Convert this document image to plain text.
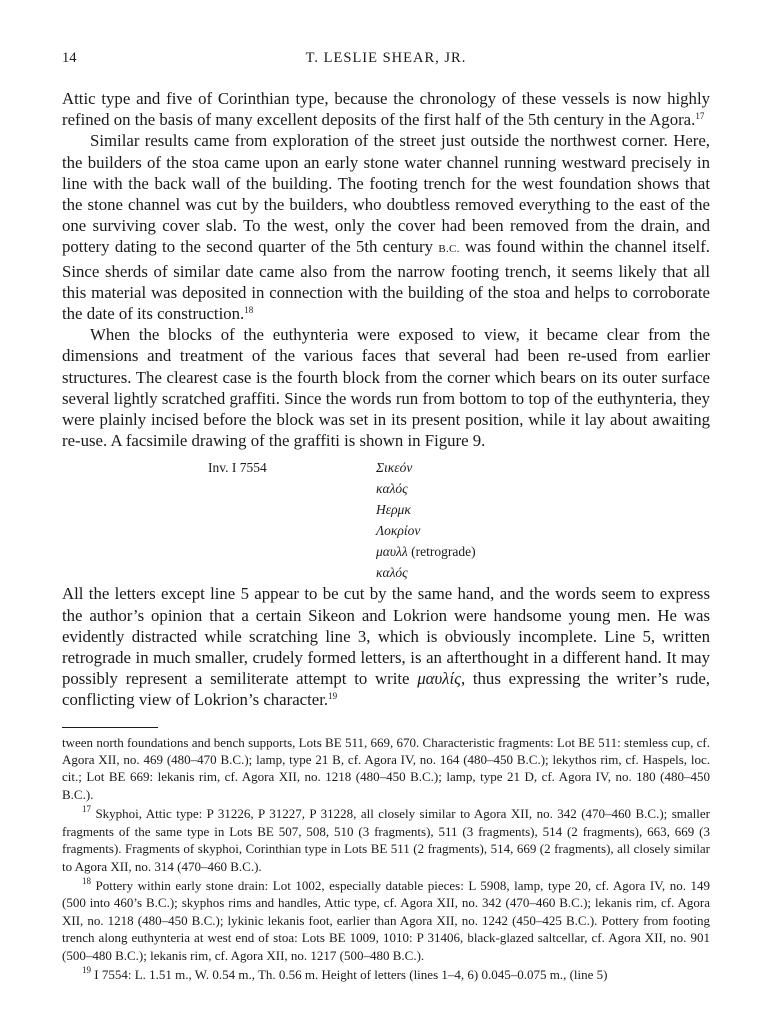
14	T. LESLIE SHEAR, JR.

Attic type and five of Corinthian type, because the chronology of these vessels is now highly refined on the basis of many excellent deposits of the first half of the 5th century in the Agora.$^{17}$

Similar results came from exploration of the street just outside the northwest corner. Here, the builders of the stoa came upon an early stone water channel running westward precisely in line with the back wall of the building. The footing trench for the west foundation shows that the stone channel was cut by the builders, who doubtless removed everything to the east of the one surviving cover slab. To the west, only the cover had been removed from the drain, and pottery dating to the second quarter of the 5th century B.C. was found within the channel itself. Since sherds of similar date came also from the narrow footing trench, it seems likely that all this material was deposited in connection with the building of the stoa and helps to corroborate the date of its construction.$^{18}$

When the blocks of the euthynteria were exposed to view, it became clear from the dimensions and treatment of the various faces that several had been re-used from earlier structures. The clearest case is the fourth block from the corner which bears on its outer surface several lightly scratched graffiti. Since the words run from bottom to top of the euthynteria, they were plainly incised before the block was set in its present position, while it lay about awaiting re-use. A facsimile drawing of the graffiti is shown in Figure 9.

Inv. I 7554	Σικεόν
καλός
Ηερμκ
Λοκρίον
μαυλλ (retrograde)
καλός

All the letters except line 5 appear to be cut by the same hand, and the words seem to express the author’s opinion that a certain Sikeon and Lokrion were handsome young men. He was evidently distracted while scratching line 3, which is obviously incomplete. Line 5, written retrograde in much smaller, crudely formed letters, is an afterthought in a different hand. It may possibly represent a semiliterate attempt to write μαυλίς, thus expressing the writer’s rude, conflicting view of Lokrion’s character.$^{19}$

tween north foundations and bench supports, Lots BE 511, 669, 670. Characteristic fragments: Lot BE 511: stemless cup, cf. Agora XII, no. 469 (480–470 B.C.); lamp, type 21 B, cf. Agora IV, no. 164 (480–450 B.C.); lekythos rim, cf. Haspels, loc. cit.; Lot BE 669: lekanis rim, cf. Agora XII, no. 1218 (480–450 B.C.); lamp, type 21 D, cf. Agora IV, no. 180 (480–450 B.C.).

$^{17}$ Skyphoi, Attic type: P 31226, P 31227, P 31228, all closely similar to Agora XII, no. 342 (470–460 B.C.); smaller fragments of the same type in Lots BE 507, 508, 510 (3 fragments), 511 (3 fragments), 514 (2 fragments), 663, 669 (3 fragments). Fragments of skyphoi, Corinthian type in Lots BE 511 (2 fragments), 514, 669 (2 fragments), all closely similar to Agora XII, no. 314 (470–460 B.C.).

$^{18}$ Pottery within early stone drain: Lot 1002, especially datable pieces: L 5908, lamp, type 20, cf. Agora IV, no. 149 (500 into 460’s B.C.); skyphos rims and handles, Attic type, cf. Agora XII, no. 342 (470–460 B.C.); lekanis rim, cf. Agora XII, no. 1218 (480–450 B.C.); lykinic lekanis foot, earlier than Agora XII, no. 1242 (450–425 B.C.). Pottery from footing trench along euthynteria at west end of stoa: Lots BE 1009, 1010: P 31406, black-glazed saltcellar, cf. Agora XII, no. 901 (500–480 B.C.); lekanis rim, cf. Agora XII, no. 1217 (500–480 B.C.).

$^{19}$ I 7554: L. 1.51 m., W. 0.54 m., Th. 0.56 m. Height of letters (lines 1–4, 6) 0.045–0.075 m., (line 5)
